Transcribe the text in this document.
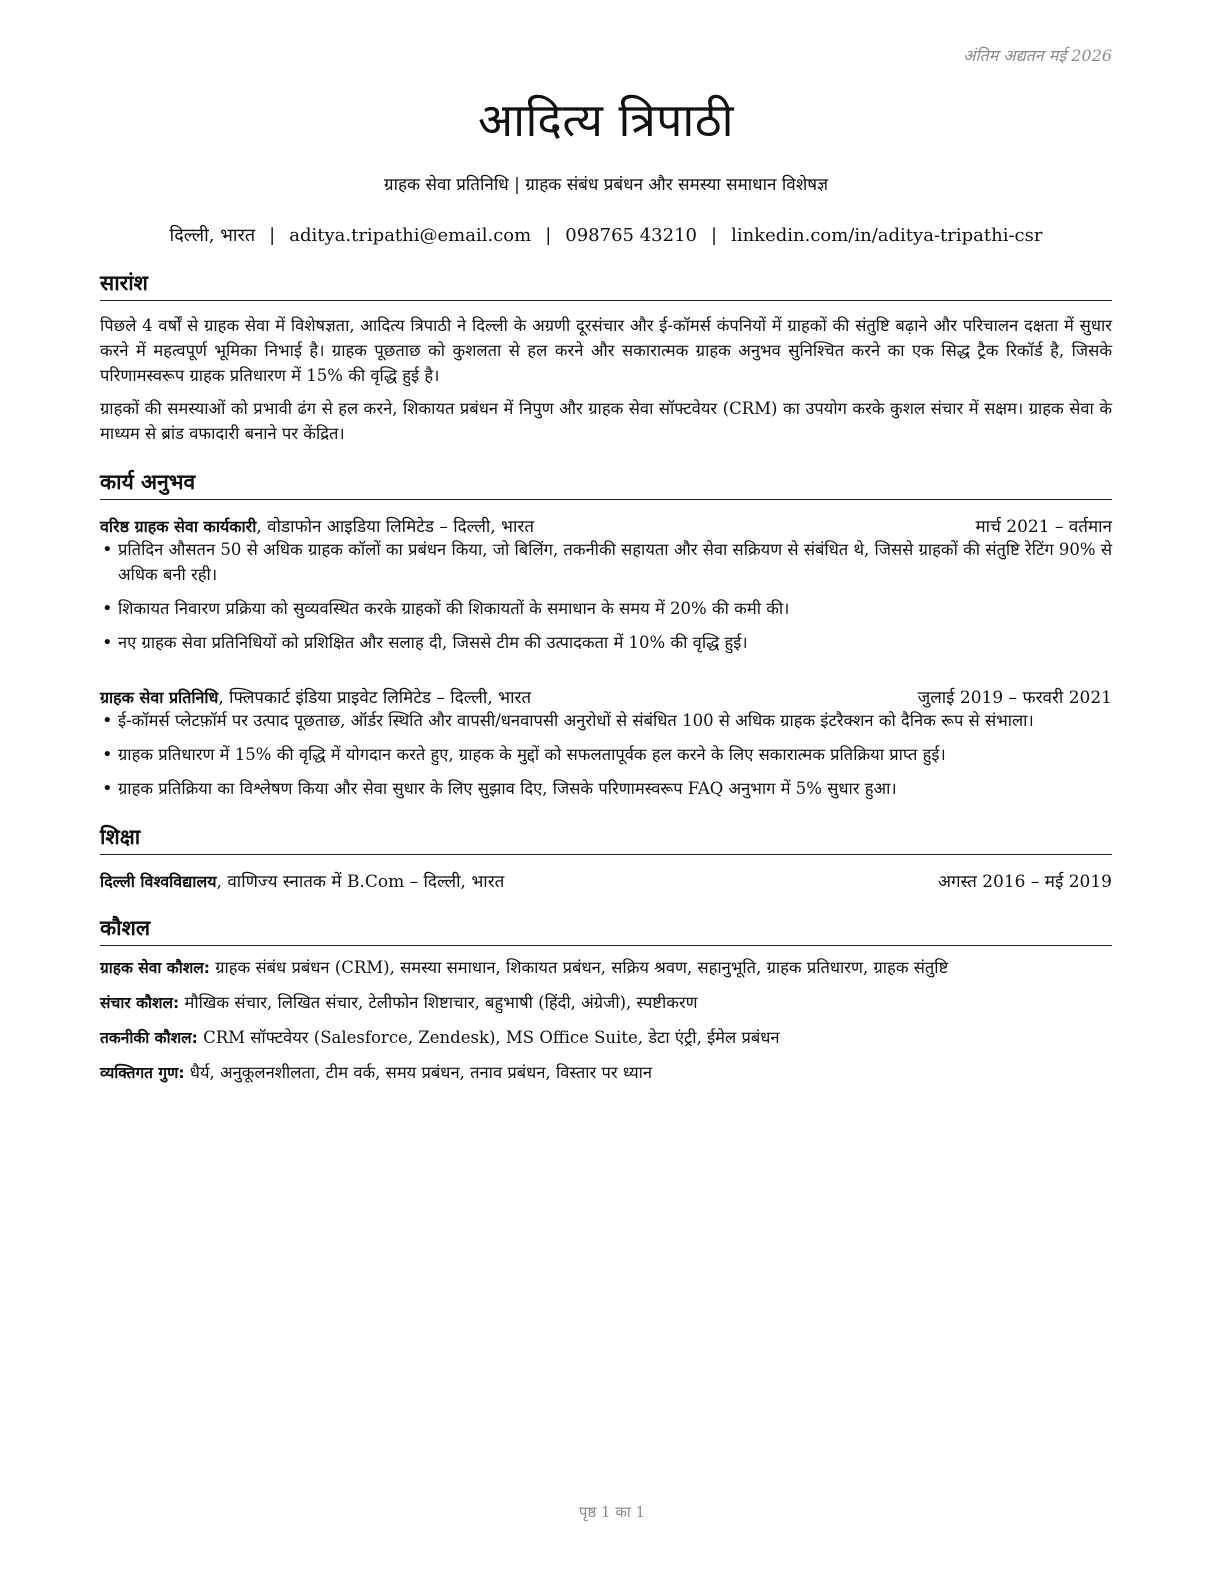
अंतिम अद्यतन मई 2026
आदित्य त्रिपाठी
ग्राहक सेवा प्रतिनिधि | ग्राहक संबंध प्रबंधन और समस्या समाधान विशेषज्ञ
दिल्ली, भारत | aditya.tripathi@email.com | 098765 43210 | linkedin.com/in/aditya-tripathi-csr
सारांश

पिछले 4 वर्षों से ग्राहक सेवा में विशेषज्ञता, आदित्य त्रिपाठी ने दिल्ली के अग्रणी दूरसंचार और ई-कॉमर्स कंपनियों में ग्राहकों की संतुष्टि बढ़ाने और परिचालन दक्षता में सुधार करने में महत्वपूर्ण भूमिका निभाई है। ग्राहक पूछताछ को कुशलता से हल करने और सकारात्मक ग्राहक अनुभव सुनिश्चित करने का एक सिद्ध ट्रैक रिकॉर्ड है, जिसके परिणामस्वरूप ग्राहक प्रतिधारण में 15% की वृद्धि हुई है।

ग्राहकों की समस्याओं को प्रभावी ढंग से हल करने, शिकायत प्रबंधन में निपुण और ग्राहक सेवा सॉफ्टवेयर (CRM) का उपयोग करके कुशल संचार में सक्षम। ग्राहक सेवा के माध्यम से ब्रांड वफादारी बनाने पर केंद्रित।

कार्य अनुभव
वरिष्ठ ग्राहक सेवा कार्यकारी, वोडाफोन आइडिया लिमिटेड – दिल्ली, भारत	मार्च 2021 – वर्तमान
• प्रतिदिन औसतन 50 से अधिक ग्राहक कॉलों का प्रबंधन किया, जो बिलिंग, तकनीकी सहायता और सेवा सक्रियण से संबंधित थे, जिससे ग्राहकों की संतुष्टि रेटिंग 90% से अधिक बनी रही।
• शिकायत निवारण प्रक्रिया को सुव्यवस्थित करके ग्राहकों की शिकायतों के समाधान के समय में 20% की कमी की।
• नए ग्राहक सेवा प्रतिनिधियों को प्रशिक्षित और सलाह दी, जिससे टीम की उत्पादकता में 10% की वृद्धि हुई।
ग्राहक सेवा प्रतिनिधि, फ्लिपकार्ट इंडिया प्राइवेट लिमिटेड – दिल्ली, भारत	जुलाई 2019 – फरवरी 2021
• ई-कॉमर्स प्लेटफ़ॉर्म पर उत्पाद पूछताछ, ऑर्डर स्थिति और वापसी/धनवापसी अनुरोधों से संबंधित 100 से अधिक ग्राहक इंटरैक्शन को दैनिक रूप से संभाला।
• ग्राहक प्रतिधारण में 15% की वृद्धि में योगदान करते हुए, ग्राहक के मुद्दों को सफलतापूर्वक हल करने के लिए सकारात्मक प्रतिक्रिया प्राप्त हुई।
• ग्राहक प्रतिक्रिया का विश्लेषण किया और सेवा सुधार के लिए सुझाव दिए, जिसके परिणामस्वरूप FAQ अनुभाग में 5% सुधार हुआ।
शिक्षा
दिल्ली विश्वविद्यालय, वाणिज्य स्नातक में B.Com – दिल्ली, भारत	अगस्त 2016 – मई 2019
कौशल
ग्राहक सेवा कौशल: ग्राहक संबंध प्रबंधन (CRM), समस्या समाधान, शिकायत प्रबंधन, सक्रिय श्रवण, सहानुभूति, ग्राहक प्रतिधारण, ग्राहक संतुष्टि
संचार कौशल: मौखिक संचार, लिखित संचार, टेलीफोन शिष्टाचार, बहुभाषी (हिंदी, अंग्रेजी), स्पष्टीकरण
तकनीकी कौशल: CRM सॉफ्टवेयर (Salesforce, Zendesk), MS Office Suite, डेटा एंट्री, ईमेल प्रबंधन
व्यक्तिगत गुण: धैर्य, अनुकूलनशीलता, टीम वर्क, समय प्रबंधन, तनाव प्रबंधन, विस्तार पर ध्यान
पृष्ठ 1 का 1
